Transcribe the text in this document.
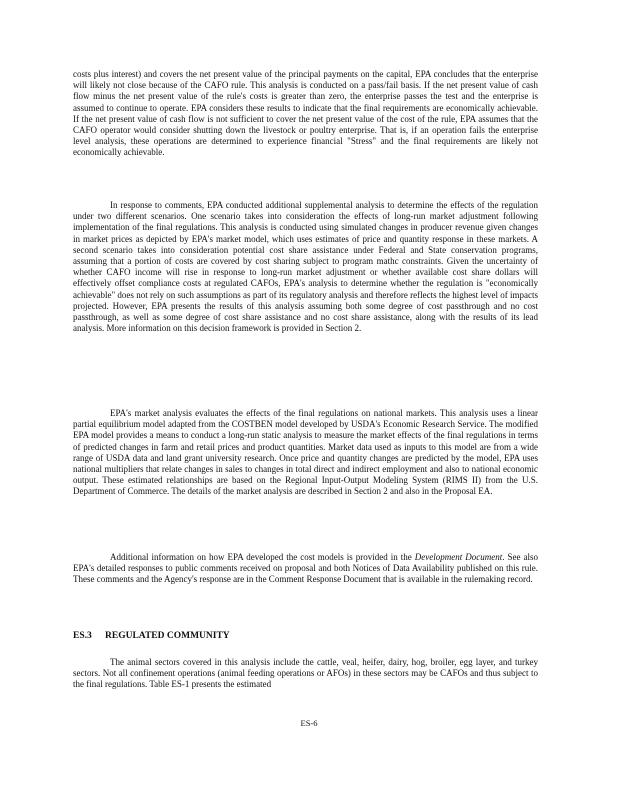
costs plus interest) and covers the net present value of the principal payments on the capital, EPA concludes that the enterprise will likely not close because of the CAFO rule. This analysis is conducted on a pass/fail basis. If the net present value of cash flow minus the net present value of the rule's costs is greater than zero, the enterprise passes the test and the enterprise is assumed to continue to operate. EPA considers these results to indicate that the final requirements are economically achievable. If the net present value of cash flow is not sufficient to cover the net present value of the cost of the rule, EPA assumes that the CAFO operator would consider shutting down the livestock or poultry enterprise. That is, if an operation fails the enterprise level analysis, these operations are determined to experience financial "Stress" and the final requirements are likely not economically achievable.

In response to comments, EPA conducted additional supplemental analysis to determine the effects of the regulation under two different scenarios. One scenario takes into consideration the effects of long-run market adjustment following implementation of the final regulations. This analysis is conducted using simulated changes in producer revenue given changes in market prices as depicted by EPA's market model, which uses estimates of price and quantity response in these markets. A second scenario takes into consideration potential cost share assistance under Federal and State conservation programs, assuming that a portion of costs are covered by cost sharing subject to program mathc constraints. Given the uncertainty of whether CAFO income will rise in response to long-run market adjustment or whether available cost share dollars will effectively offset compliance costs at regulated CAFOs, EPA's analysis to determine whether the regulation is "economically achievable" does not rely on such assumptions as part of its regulatory analysis and therefore reflects the highest level of impacts projected. However, EPA presents the results of this analysis assuming both some degree of cost passthrough and no cost passthrough, as well as some degree of cost share assistance and no cost share assistance, along with the results of its lead analysis. More information on this decision framework is provided in Section 2.

EPA's market analysis evaluates the effects of the final regulations on national markets. This analysis uses a linear partial equilibrium model adapted from the COSTBEN model developed by USDA's Economic Research Service. The modified EPA model provides a means to conduct a long-run static analysis to measure the market effects of the final regulations in terms of predicted changes in farm and retail prices and product quantities. Market data used as inputs to this model are from a wide range of USDA data and land grant university research. Once price and quantity changes are predicted by the model, EPA uses national multipliers that relate changes in sales to changes in total direct and indirect employment and also to national economic output. These estimated relationships are based on the Regional Input-Output Modeling System (RIMS II) from the U.S. Department of Commerce. The details of the market analysis are described in Section 2 and also in the Proposal EA.

Additional information on how EPA developed the cost models is provided in the Development Document. See also EPA's detailed responses to public comments received on proposal and both Notices of Data Availability published on this rule. These comments and the Agency's response are in the Comment Response Document that is available in the rulemaking record.

ES.3 REGULATED COMMUNITY

The animal sectors covered in this analysis include the cattle, veal, heifer, dairy, hog, broiler, egg layer, and turkey sectors. Not all confinement operations (animal feeding operations or AFOs) in these sectors may be CAFOs and thus subject to the final regulations. Table ES-1 presents the estimated

ES-6
